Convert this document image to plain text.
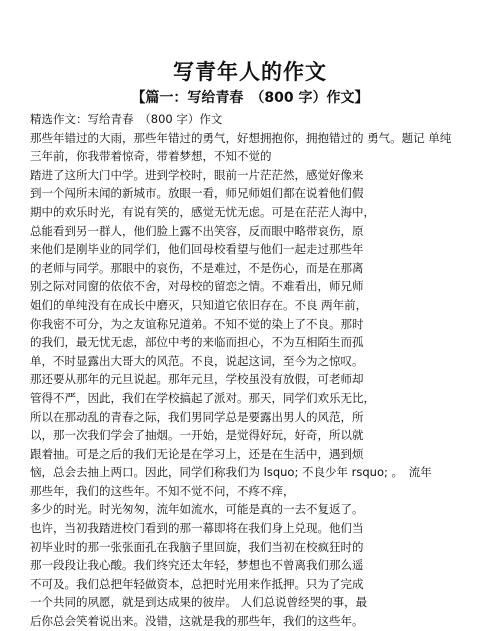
写青年人的作文
【篇一：写给青春　（800 字）作文】
精选作文：写给青春　（800 字）作文
那些年错过的大雨，那些年错过的勇气，好想拥抱你，拥抱错过的 勇气。题记 单纯
三年前，你我带着惊奇，带着梦想，不知不觉的
踏进了这所大门中学。进到学校时，眼前一片茫茫然，感觉好像来
到一个闯所未闻的新城市。放眼一看，师兄师姐们都在说着他们假
期中的欢乐时光，有说有笑的，感觉无忧无虑。可是在茫茫人海中，
总能看到另一群人，他们脸上露不出笑容，反而眼中略带哀伤，原
来他们是刚毕业的同学们，他们回母校看望与他们一起走过那些年
的老师与同学。那眼中的哀伤，不是难过，不是伤心，而是在那离
别之际对同窗的依依不舍，对母校的留恋之情。不难看出，师兄师
姐们的单纯没有在成长中磨灭，只知道它依旧存在。不良 两年前，
你我密不可分，为之友谊称兄道弟。不知不觉的染上了不良。那时
的我们，最无忧无虑，部位中考的来临而担心，不为互相陌生而孤
单，不时显露出大哥大的风范。不良，说起这词，至今为之惊叹。
那还要从那年的元旦说起。那年元旦，学校虽没有放假，可老师却
管得不严，因此，我们在学校搞起了派对。那天，同学们欢乐无比，
所以在那动乱的青春之际，我们男同学总是要露出男人的风范，所
以，那一次我们学会了抽烟。一开始，是觉得好玩，好奇，所以就
跟着抽。可是之后的我们无论是在学习上，还是在生活中，遇到烦
恼，总会去抽上两口。因此，同学们称我们为 lsquo; 不良少年 rsquo; 。　流年
那些年，我们的这些年。不知不觉不问，不疼不痒，
多少的时光。时光匆匆，流年如流水，可能是真的一去不复返了。
也许，当初我踏进校门看到的那一幕即将在我们身上兑现。他们当
初毕业时的那一张张面孔在我脑子里回旋，我们当初在校疯狂时的
那一段段让我心酸。我们终究还太年轻，梦想也不曾离我们那么遥
不可及。我们总把年轻做资本，总把时光用来作抵押。只为了完成
一个共同的夙愿，就是到达成果的彼岸。 人们总说曾经哭的事，最
后你总会笑着说出来。没错，这就是我的那些年，我们的这些年。
